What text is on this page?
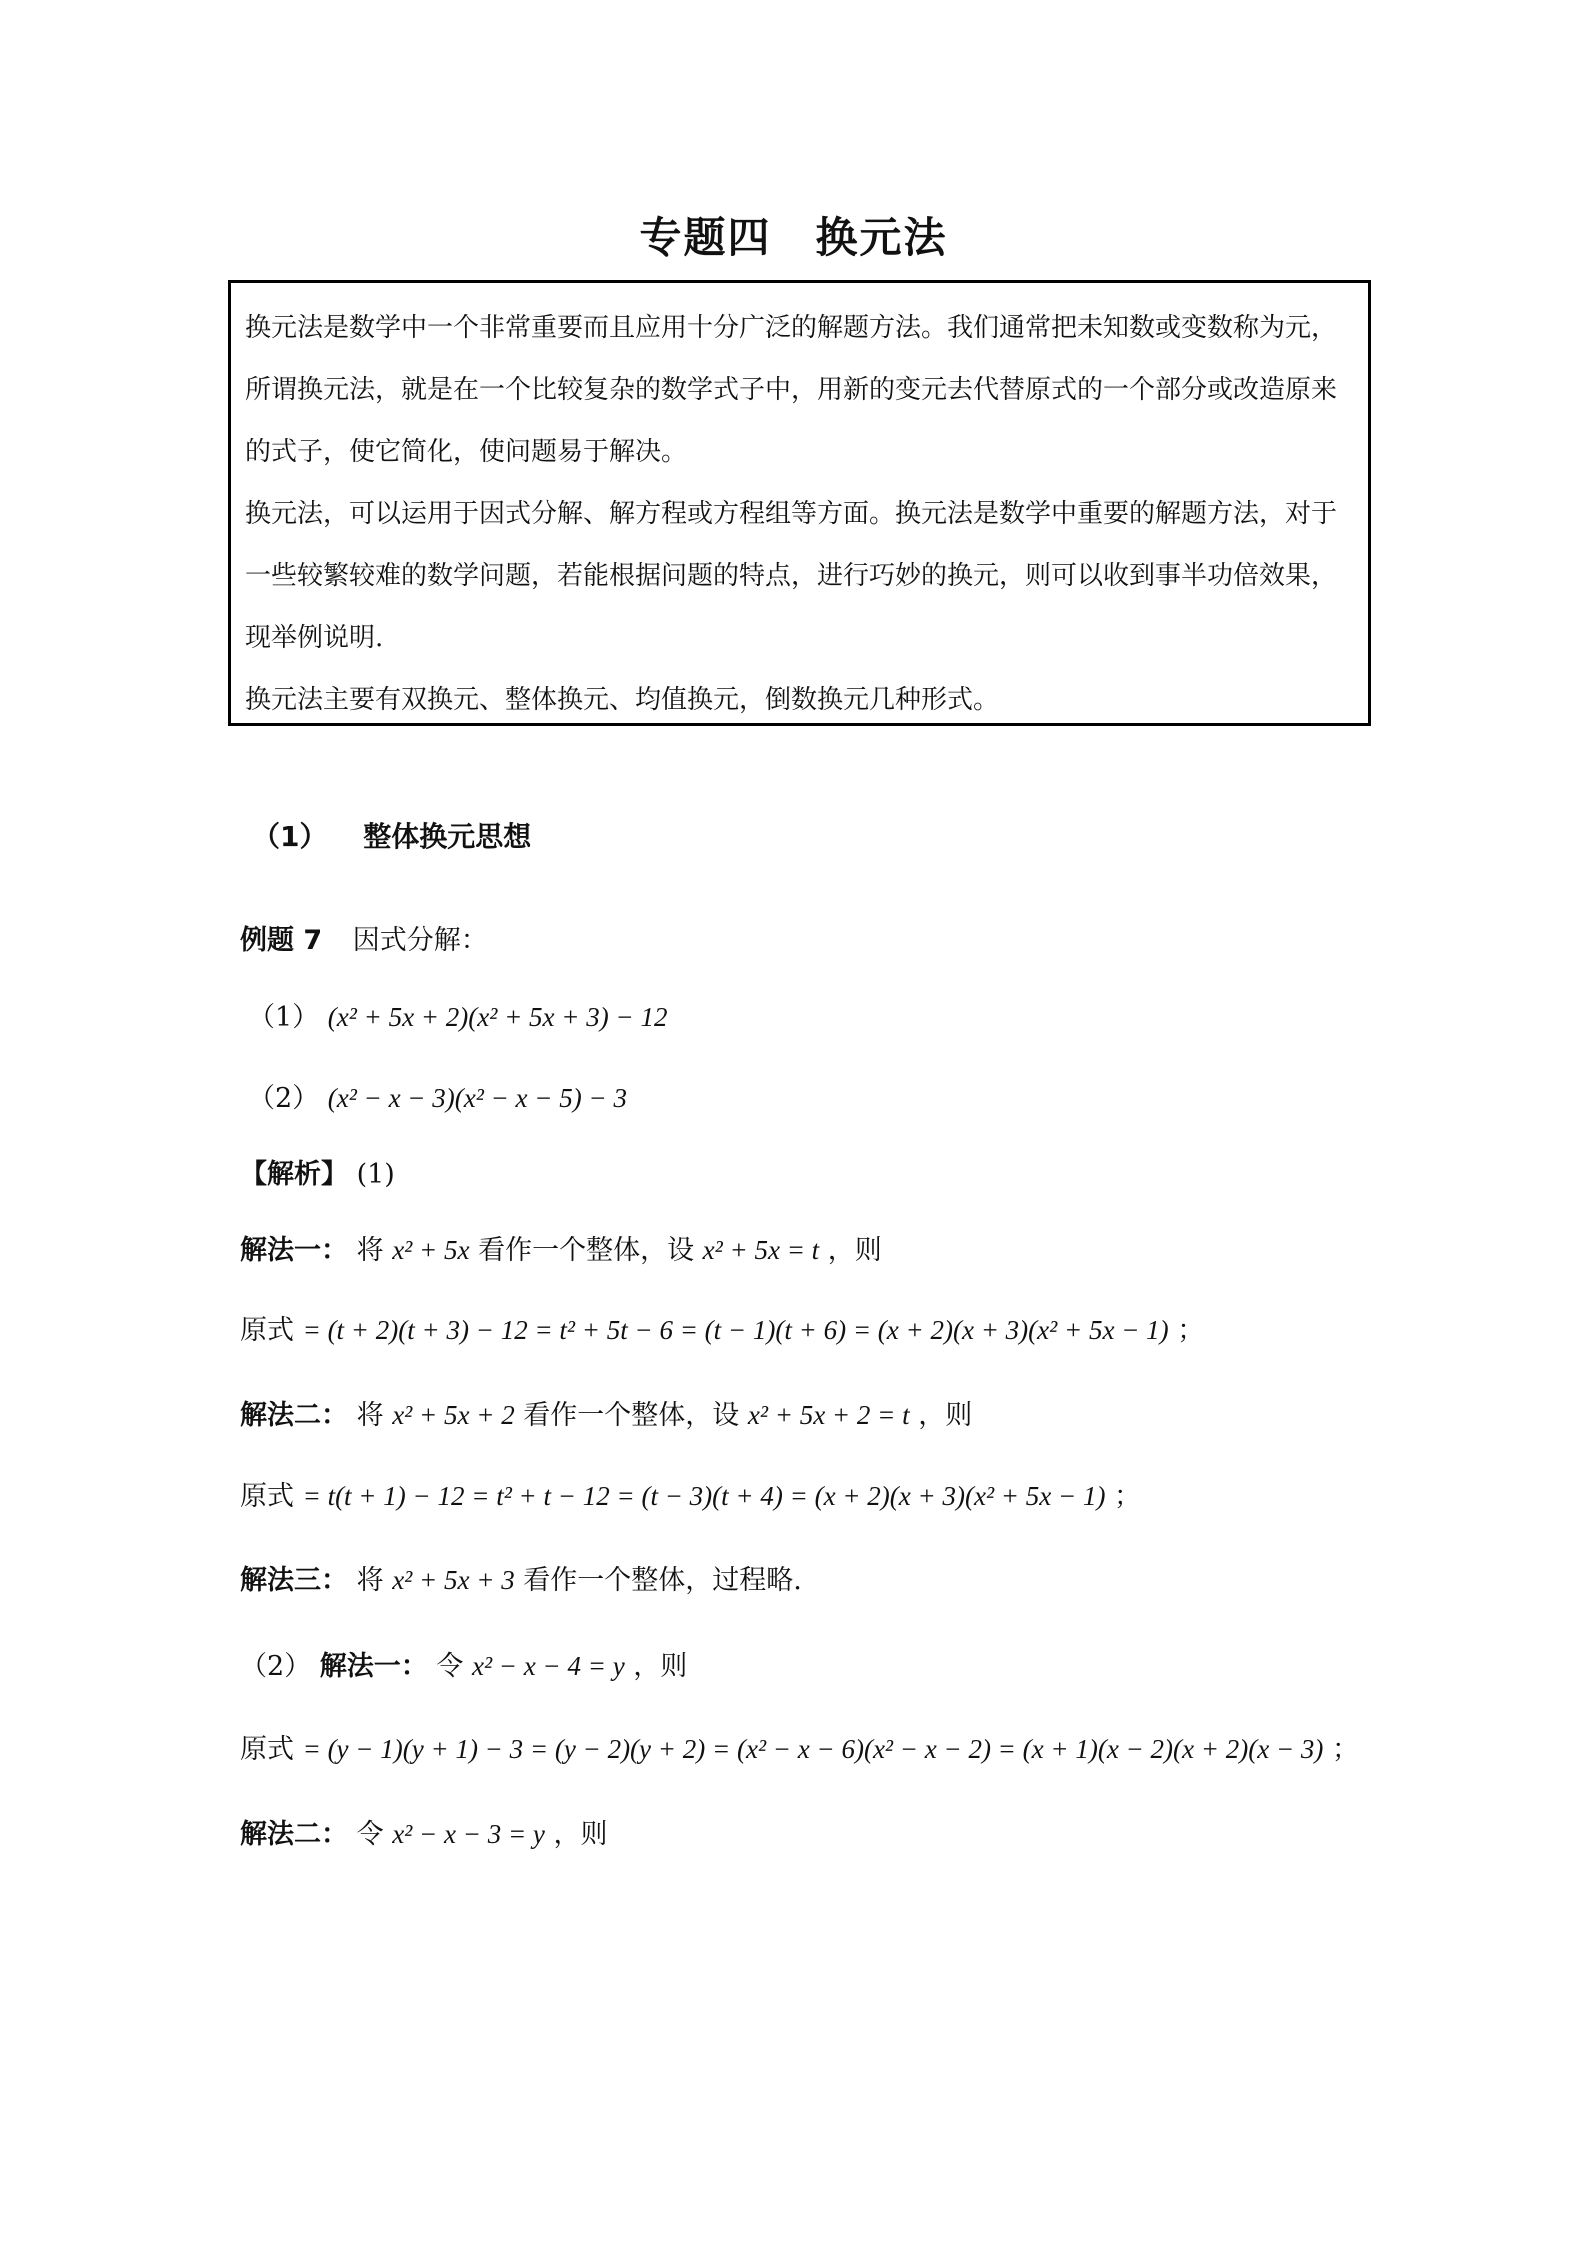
专题四　换元法

换元法是数学中一个非常重要而且应用十分广泛的解题方法。我们通常把未知数或变数称为元，所谓换元法，就是在一个比较复杂的数学式子中，用新的变元去代替原式的一个部分或改造原来的式子，使它简化，使问题易于解决。

换元法，可以运用于因式分解、解方程或方程组等方面。换元法是数学中重要的解题方法，对于一些较繁较难的数学问题，若能根据问题的特点，进行巧妙的换元，则可以收到事半功倍效果，现举例说明.

换元法主要有双换元、整体换元、均值换元，倒数换元几种形式。

（1） 整体换元思想
例题 7 因式分解：
（1） (x² + 5x + 2)(x² + 5x + 3) − 12
（2） (x² − x − 3)(x² − x − 5) − 3
【解析】 (1)
解法一： 将 x² + 5x 看作一个整体，设 x² + 5x = t ，则
原式 = (t + 2)(t + 3) − 12 = t² + 5t − 6 = (t − 1)(t + 6) = (x + 2)(x + 3)(x² + 5x − 1) ；
解法二： 将 x² + 5x + 2 看作一个整体，设 x² + 5x + 2 = t ，则
原式 = t(t + 1) − 12 = t² + t − 12 = (t − 3)(t + 4) = (x + 2)(x + 3)(x² + 5x − 1) ；
解法三： 将 x² + 5x + 3 看作一个整体，过程略.
（2） 解法一： 令 x² − x − 4 = y ，则
原式 = (y − 1)(y + 1) − 3 = (y − 2)(y + 2) = (x² − x − 6)(x² − x − 2) = (x + 1)(x − 2)(x + 2)(x − 3) ；
解法二： 令 x² − x − 3 = y ，则
